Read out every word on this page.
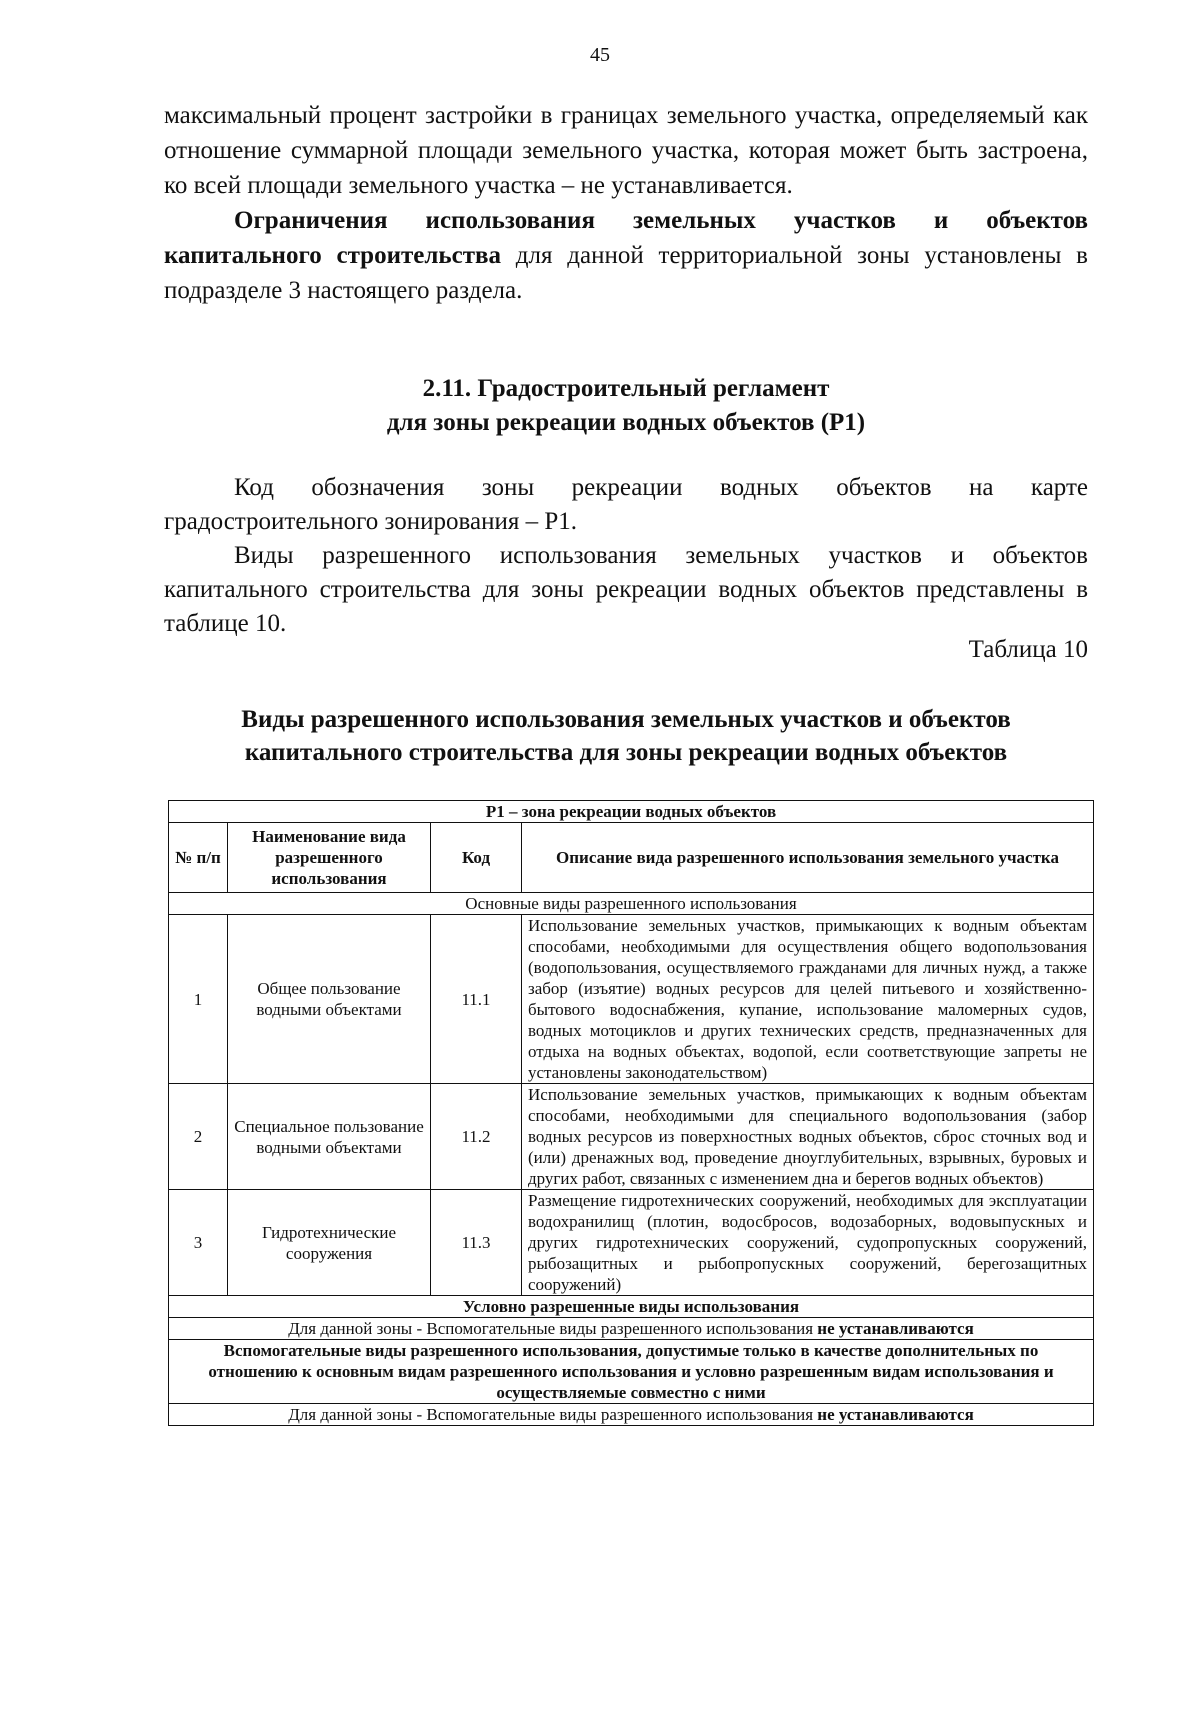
45

максимальный процент застройки в границах земельного участка, определяемый как отношение суммарной площади земельного участка, которая может быть застроена, ко всей площади земельного участка – не устанавливается.

Ограничения использования земельных участков и объектов капитального строительства для данной территориальной зоны установлены в подразделе 3 настоящего раздела.

2.11. Градостроительный регламент
для зоны рекреации водных объектов (Р1)

Код обозначения зоны рекреации водных объектов на карте градостроительного зонирования – Р1.

Виды разрешенного использования земельных участков и объектов капитального строительства для зоны рекреации водных объектов представлены в таблице 10.

Таблица 10
Виды разрешенного использования земельных участков и объектов
капитального строительства для зоны рекреации водных объектов
Р1 – зона рекреации водных объектов			
№ п/п	Наименование вида разрешенного использования	Код	Описание вида разрешенного использования земельного участка
Основные виды разрешенного использования			
1	Общее пользование водными объектами	11.1	Использование земельных участков, примыкающих к водным объектам способами, необходимыми для осуществления общего водопользования (водопользования, осуществляемого гражданами для личных нужд, а также забор (изъятие) водных ресурсов для целей питьевого и хозяйственно-бытового водоснабжения, купание, использование маломерных судов, водных мотоциклов и других технических средств, предназначенных для отдыха на водных объектах, водопой, если соответствующие запреты не установлены законодательством)
2	Специальное пользование водными объектами	11.2	Использование земельных участков, примыкающих к водным объектам способами, необходимыми для специального водопользования (забор водных ресурсов из поверхностных водных объектов, сброс сточных вод и (или) дренажных вод, проведение дноуглубительных, взрывных, буровых и других работ, связанных с изменением дна и берегов водных объектов)
3	Гидротехнические сооружения	11.3	Размещение гидротехнических сооружений, необходимых для эксплуатации водохранилищ (плотин, водосбросов, водозаборных, водовыпускных и других гидротехнических сооружений, судопропускных сооружений, рыбозащитных и рыбопропускных сооружений, берегозащитных сооружений)
Условно разрешенные виды использования			
Для данной зоны - Вспомогательные виды разрешенного использования не устанавливаются			
Вспомогательные виды разрешенного использования, допустимые только в качестве дополнительных по отношению к основным видам разрешенного использования и условно разрешенным видам использования и осуществляемые совместно с ними			
Для данной зоны - Вспомогательные виды разрешенного использования не устанавливаются			
